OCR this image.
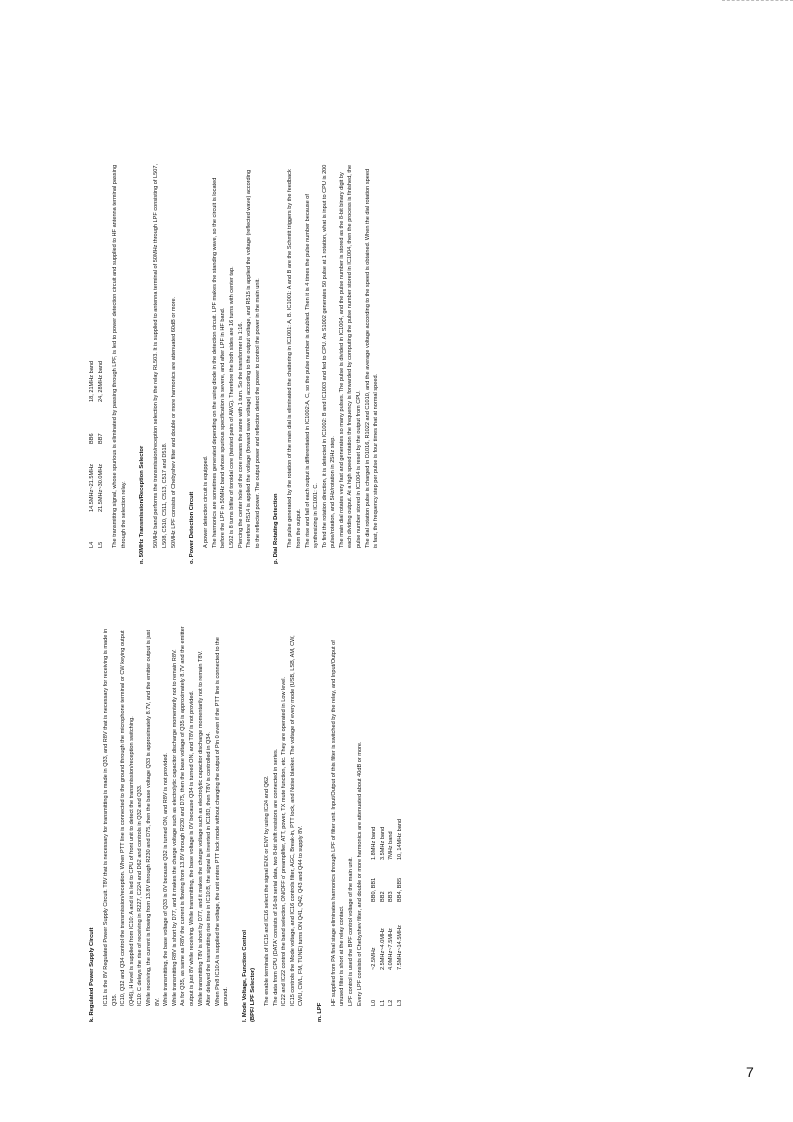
k. Regulated Power Supply Circuit IC11 is the 8V Regulated Power Supply Circuit. T8V that is necessary for transmitting is made in Q33, and R8V that is necessary for receiving is made in Q35. IC10, Q32 and Q34 control the transmission/reception. When PTT line is connected to the ground through the microphone terminal or CW keying output (Q46), H level is supplied from IC10: A and it is led to CPU of front unit to detect the transmission/reception switching. IC10: C delays the rise of receiving in R227, C224 and D62 and controls in Q32 and Q33. While receiving, the current is flowing from 13.8V through R230 and D75, then the base voltage Q33 is approximately 8.7V, and the emitter output is just 8V. While transmitting, the base voltage of Q33 is 0V because Q32 is turned ON, and R8V is not provided. While transmitting R8V is short by D77, and it makes the charge voltage such as electrolytic capacitor discharge momentarily not to remain R8V. As for Q35, as same as R8V the current is flowing from 13.8V through R230 and D75, then the base voltage of Q35 is approximately 8.7V and the emitter output is just 8V while receiving. While transmitting, the base voltage is 0V because Q34 is turned ON, and T8V is not provided. While transmitting T8V is short by D77, and it makes the charge voltage such as electrolytic capacitor discharge momentarily not to remain T8V. After delayed the transmitting rise time in IC10:B, the signal is inverted in IC18D, then T8V is controlled in Q34. When Pin8 IC10:A is supplied the voltage, the unit enters PTT lock mode without changing the output of Pin 0 even if the PTT line is connected to the ground. l. Mode Voltage, Function Control (BPF/ LPF Selector) The enable terminals of IC15 and IC16 select the signal ENX or ENY by using IC24 and Q62. The data from CPU (DATA' consists of 16-bit serial data, two 8-bit shift resistors are connected in series. IC22 and IC22 control the band selection, ON/OFF o' preamplifier, ATT, power, TX mute function, etc. They are operated in Low level. IC15 controls the Mode voltage, and IC16 controls filter, AGC, Break-in, PTT lock, and Noise blanker. The voltage of every mode (USB, LSB, AM, CW, CWU, CWL, FM, TUNE) turns ON Q41, Q42, Q43 and Q44 to supply 8V.

m. LPF

HF supplied from PA final stage eliminates harmonics through LPF of filter unit. Input/Output of this filter is switched by the relay, and Input/Output of unused filter is short at the relay contact. LPF control is used the BPF control voltage of the main unit. Every LPF consists of Chebyshev filter, and double or more harmonics are attenuated about 40dB or more. L0	~2.5MHz	BB0, BB1	1.8MHz band
L1	2.5MHz~4.0MHz	BB2	3.5MHz band
L2	4.0MHz~7.5MHz	BB3	7MHz band
L3	7.5MHz~14.5MHz	BB4, BB5	10, 14MHz band
L4	14.5MHz~21.5MHz	BB6	18, 21MHz band
L5	21.5MHz~30.0MHz	BB7	24, 28MHz band The transmitting signal, whose spurious is eliminated by passing through LPF, is led to power detection circuit and supplied to HF antenna terminal passing through the selection relay. n. 50MHz Transmission/Reception Selector 50MHz band performs the transmission/reception selection by the relay RL503. It is supplied to antenna terminal of 50MHz through LPF consisting of L507, L508, C510, C511, C513, C517 and D518. 50MHz LPF consists of Chebyshev filter and double or more harmonics are attenuated 60dB or more. o. Power Detection Circuit A power detection circuit is equipped. The harmonics are sometimes generated depending on the using diode in the detection circuit. LPF makes the standing wave, so the circuit is located before the LPF in 50MHz band whose spurious specification is severe, and after LPF in HF band. L502 is 8 turns bifilar of toroidal core (twisted pairs of AWG). Therefore the both sides are 16 turns with center tap. Piercing the center hole of the core means the same with 1 turn. So the transformer is 1:16. Therefore R514 is applied the voltage (forward wave voltage) according to the output voltage, and R515 is applied the voltage (reflected wave) according to the reflected power. The output power and reflection detect the power to control the power in the main unit. p. Dial Rotating Detection The pulse generated by the rotation of the main dial is eliminated the chattering in IC1001: A, B. IC1001: A and B are the Schmitt triggers by the feedback from the output. The rise and fall of each output is differentiated in IC1002:A, C, so the pulse number is doubled. Then it is 4 times the pulse number because of synthesizing in IC1001: C. To find the rotation direction, it is detected in IC1002: B and IC1003 and fed to CPU. As S1002 generates 50 pulse at 1 rotation, what is input to CPU is 200 pulse/rotation, and 5Hz/rotation in 25Hz step. The main dial rotates very fast and generates so many pulses. The pulse is divided in IC1004, and the pulse number is stored as the 8-bit binary digit by each dividing output. At a high speed rotation the frequency is forwarded by computing the pulse number stored in IC1004, then the process is finished, the pulse number stored in IC1004 is reset by the output from CPU. The dial rotation pulse is charged in D1016, R1022 and C1010, and the average voltage according to the speed is obtained. When the dial rotation speed is fast, the frequency step per pulse is four times that at normal speed.

7
